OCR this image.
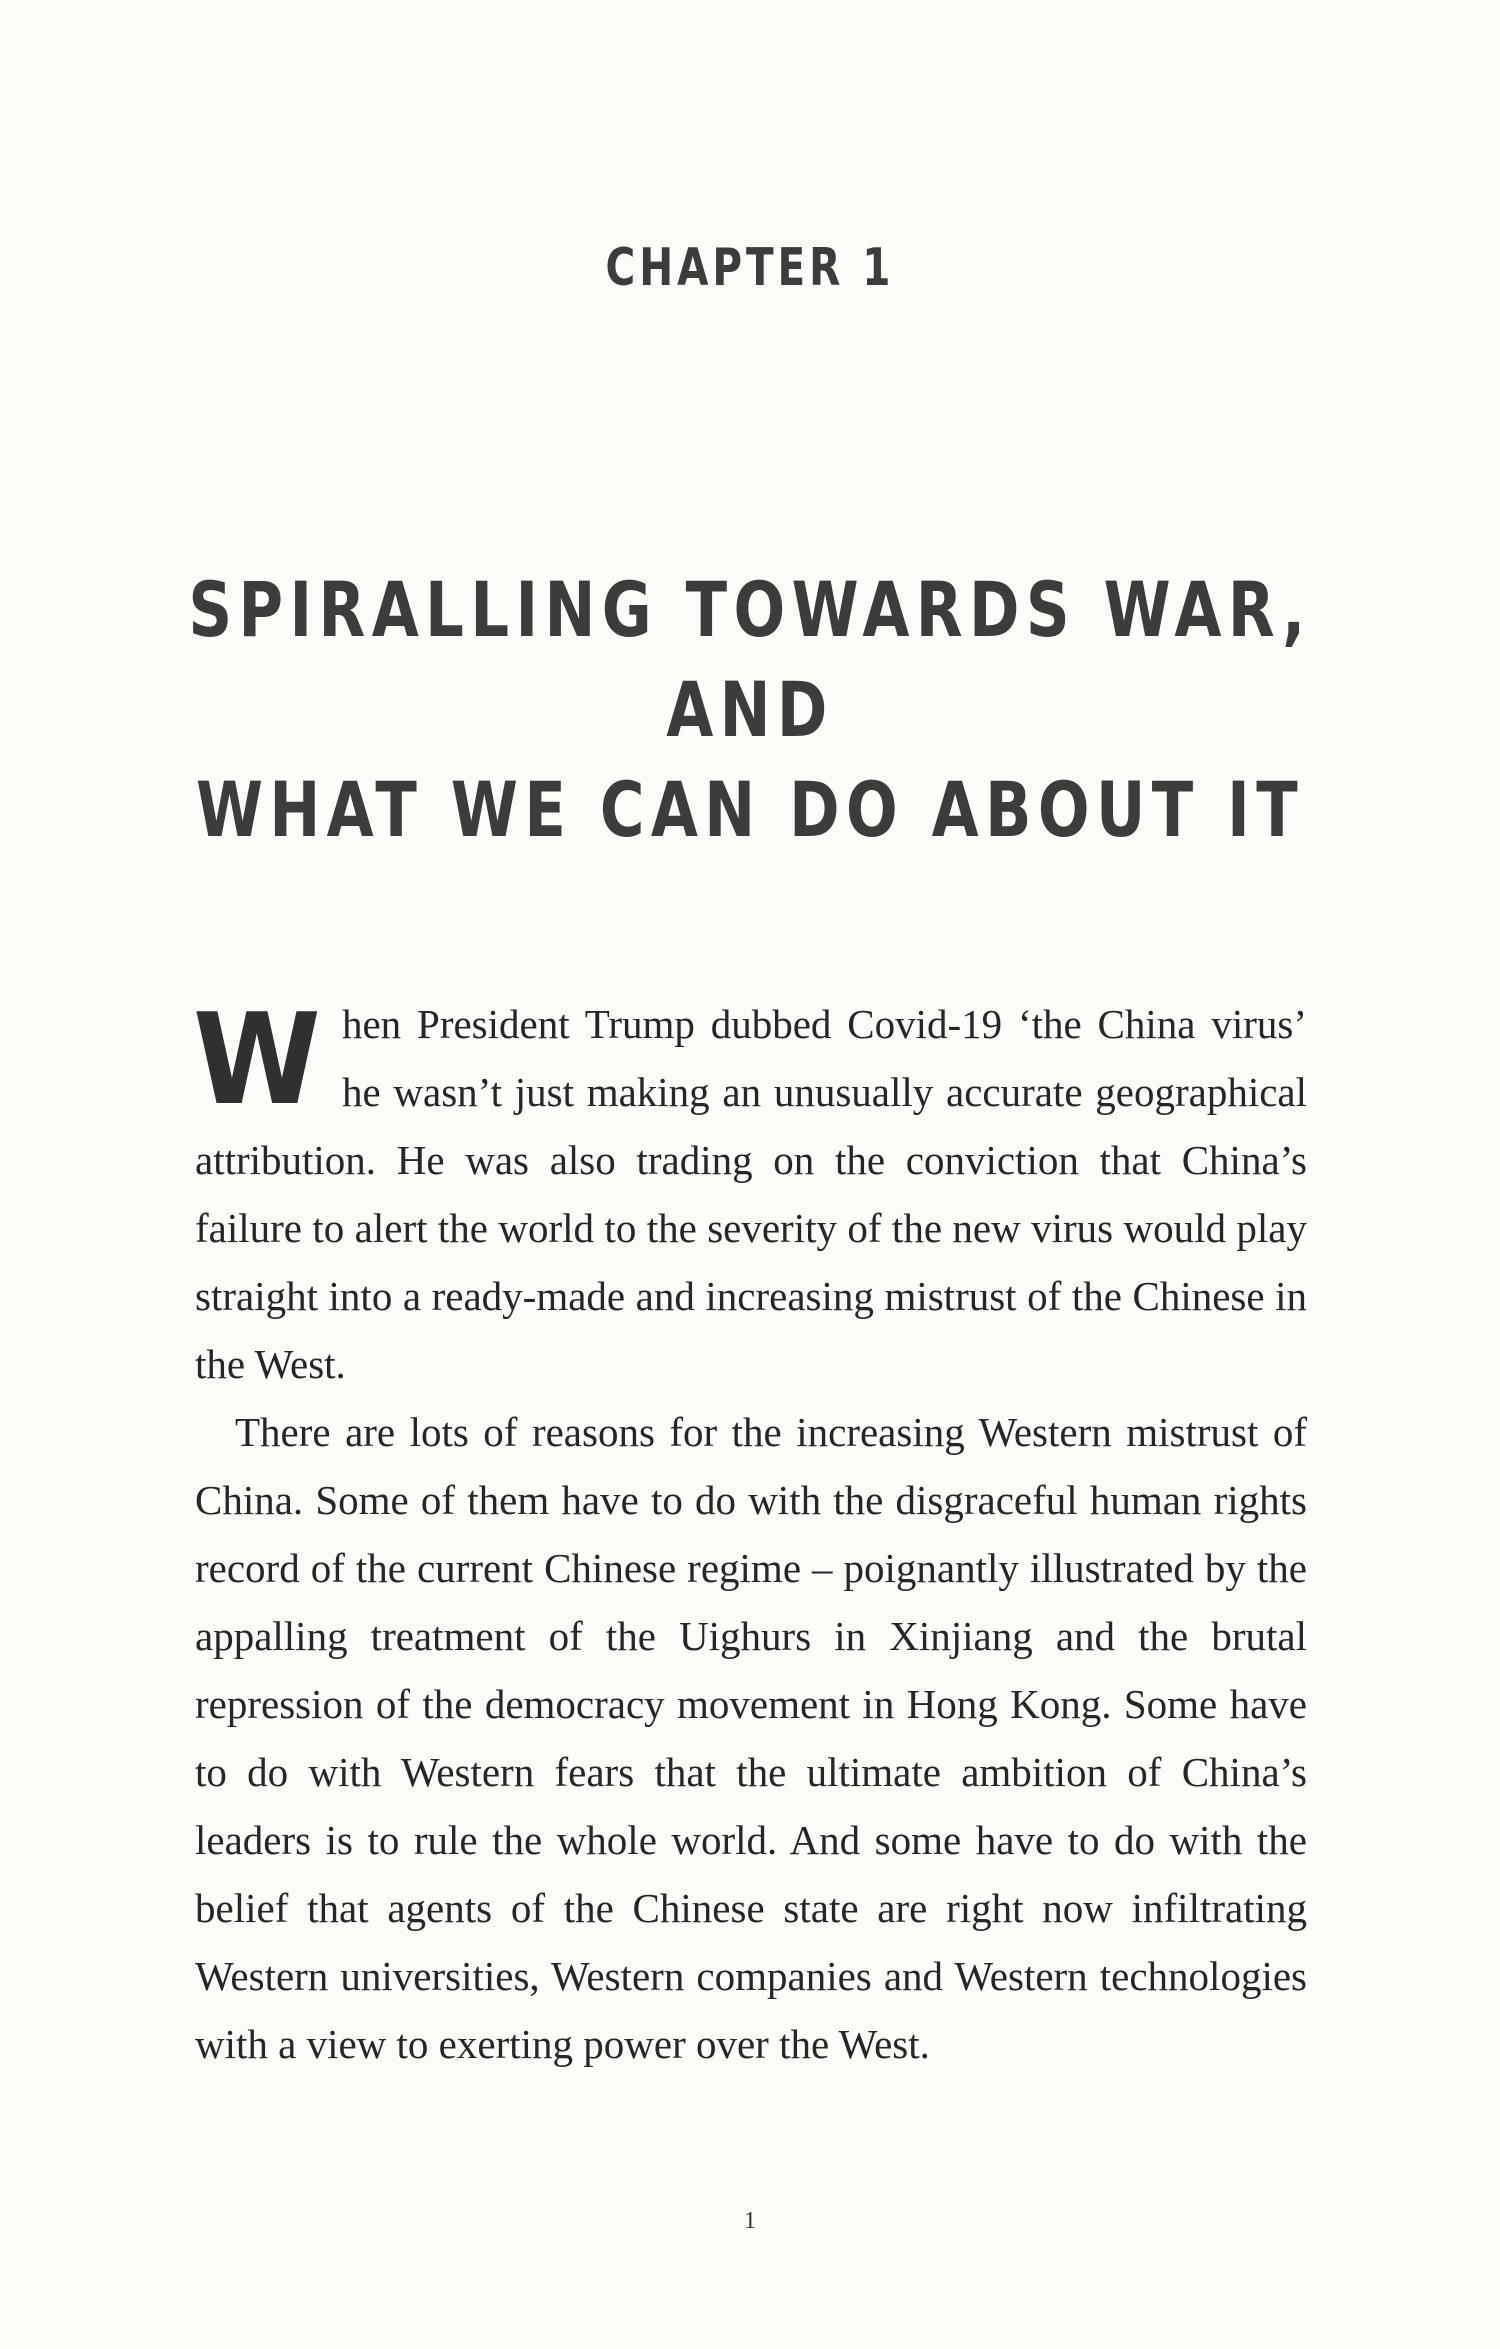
CHAPTER 1
SPIRALLING TOWARDS WAR, AND
WHAT WE CAN DO ABOUT IT

When President Trump dubbed Covid-19 ‘the China virus’ he wasn’t just making an unusually accurate geographical attribution. He was also trading on the conviction that China’s failure to alert the world to the severity of the new virus would play straight into a ready-made and increasing mistrust of the Chinese in the West.

There are lots of reasons for the increasing Western mistrust of China. Some of them have to do with the disgraceful human rights record of the current Chinese regime – poignantly illustrated by the appalling treatment of the Uighurs in Xinjiang and the brutal repression of the democracy movement in Hong Kong. Some have to do with Western fears that the ultimate ambition of China’s leaders is to rule the whole world. And some have to do with the belief that agents of the Chinese state are right now infiltrating Western universities, Western companies and Western technologies with a view to exerting power over the West.

1
